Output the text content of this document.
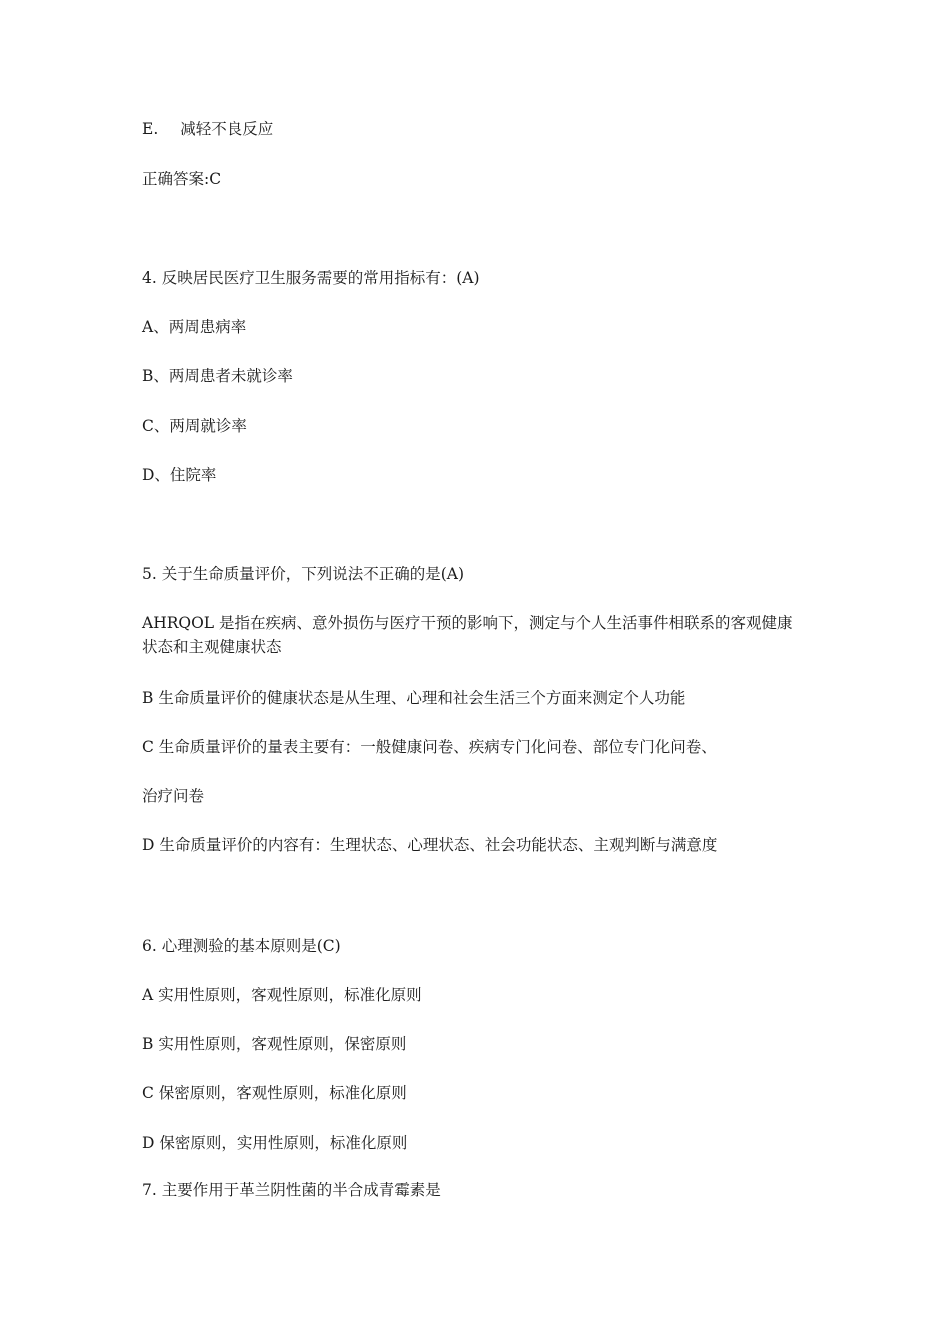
E. 减轻不良反应
正确答案:C
4. 反映居民医疗卫生服务需要的常用指标有：(A)
A、两周患病率
B、两周患者未就诊率
C、两周就诊率
D、住院率
5. 关于生命质量评价，下列说法不正确的是(A)
AHRQOL 是指在疾病、意外损伤与医疗干预的影响下，测定与个人生活事件相联系的客观健康状态和主观健康状态
B 生命质量评价的健康状态是从生理、心理和社会生活三个方面来测定个人功能
C 生命质量评价的量表主要有：一般健康问卷、疾病专门化问卷、部位专门化问卷、
治疗问卷
D 生命质量评价的内容有：生理状态、心理状态、社会功能状态、主观判断与满意度
6. 心理测验的基本原则是(C)
A 实用性原则，客观性原则，标准化原则
B 实用性原则，客观性原则，保密原则
C 保密原则，客观性原则，标准化原则
D 保密原则，实用性原则，标准化原则
7. 主要作用于革兰阴性菌的半合成青霉素是
